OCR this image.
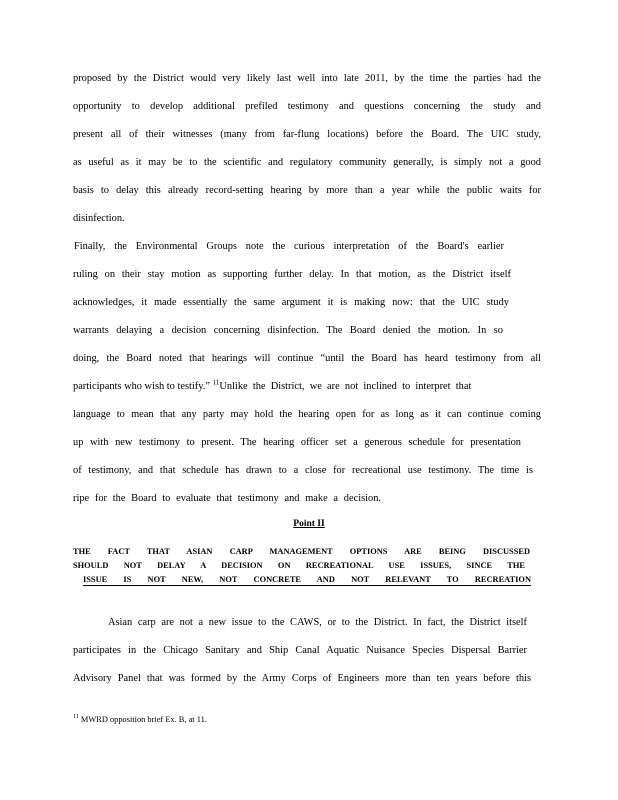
proposed by the District would very likely last well into late 2011, by the time the parties had the
opportunity to develop additional prefiled testimony and questions concerning the study and
present all of their witnesses (many from far-flung locations) before the Board. The UIC study,
as useful as it may be to the scientific and regulatory community generally, is simply not a good
basis to delay this already record-setting hearing by more than a year while the public waits for
disinfection.
Finally, the Environmental Groups note the curious interpretation of the Board's earlier
ruling on their stay motion as supporting further delay. In that motion, as the District itself
acknowledges, it made essentially the same argument it is making now: that the UIC study
warrants delaying a decision concerning disinfection. The Board denied the motion. In so
doing, the Board noted that hearings will continue “until the Board has heard testimony from all
participants who wish to testify.” $^{11}$Unlike the District, we are not inclined to interpret that
language to mean that any party may hold the hearing open for as long as it can continue coming
up with new testimony to present. The hearing officer set a generous schedule for presentation
of testimony, and that schedule has drawn to a close for recreational use testimony. The time is
ripe for the Board to evaluate that testimony and make a decision.
Point II
THE FACT THAT ASIAN CARP MANAGEMENT OPTIONS ARE BEING DISCUSSED
SHOULD NOT DELAY A DECISION ON RECREATIONAL USE ISSUES, SINCE THE
ISSUE IS NOT NEW, NOT CONCRETE AND NOT RELEVANT TO RECREATION
Asian carp are not a new issue to the CAWS, or to the District. In fact, the District itself
participates in the Chicago Sanitary and Ship Canal Aquatic Nuisance Species Dispersal Barrier
Advisory Panel that was formed by the Army Corps of Engineers more than ten years before this
$^{11}$ MWRD opposition brief Ex. B, at 11.
